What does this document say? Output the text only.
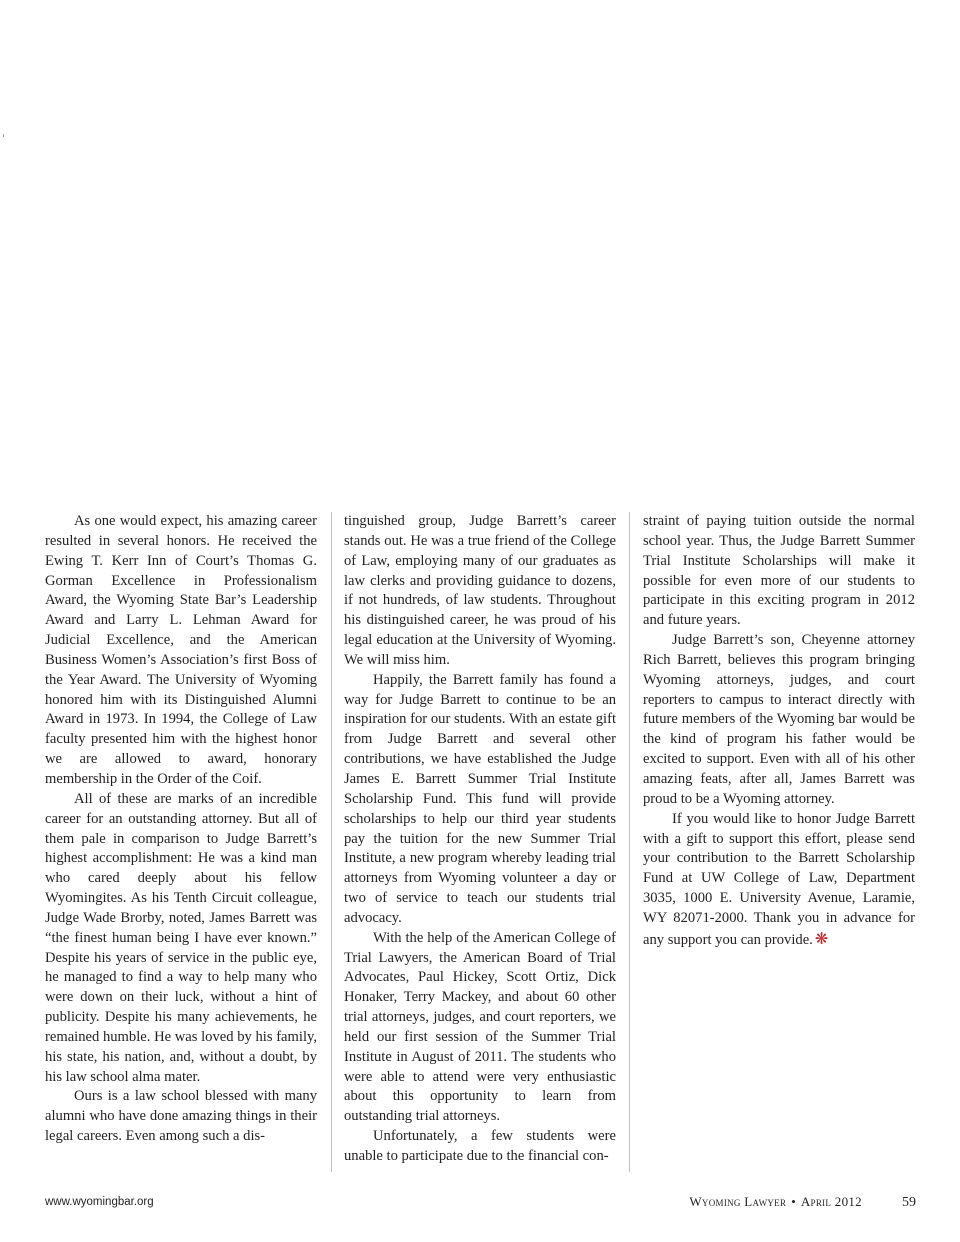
As one would expect, his amazing career resulted in several honors. He received the Ewing T. Kerr Inn of Court’s Thomas G. Gorman Excellence in Professionalism Award, the Wyoming State Bar’s Leadership Award and Larry L. Lehman Award for Judicial Excellence, and the American Business Women’s Association’s first Boss of the Year Award. The University of Wyoming honored him with its Distinguished Alumni Award in 1973. In 1994, the College of Law faculty presented him with the highest honor we are allowed to award, honorary membership in the Order of the Coif.

All of these are marks of an incredible career for an outstanding attorney. But all of them pale in comparison to Judge Barrett’s highest accomplishment: He was a kind man who cared deeply about his fellow Wyomingites. As his Tenth Circuit colleague, Judge Wade Brorby, noted, James Barrett was “the finest human being I have ever known.” Despite his years of service in the public eye, he managed to find a way to help many who were down on their luck, without a hint of publicity. Despite his many achievements, he remained humble. He was loved by his family, his state, his nation, and, without a doubt, by his law school alma mater.

Ours is a law school blessed with many alumni who have done amazing things in their legal careers. Even among such a dis-

tinguished group, Judge Barrett’s career stands out. He was a true friend of the College of Law, employing many of our graduates as law clerks and providing guidance to dozens, if not hundreds, of law students. Throughout his distinguished career, he was proud of his legal education at the University of Wyoming. We will miss him.

Happily, the Barrett family has found a way for Judge Barrett to continue to be an inspiration for our students. With an estate gift from Judge Barrett and several other contributions, we have established the Judge James E. Barrett Summer Trial Institute Scholarship Fund. This fund will provide scholarships to help our third year students pay the tuition for the new Summer Trial Institute, a new program whereby leading trial attorneys from Wyoming volunteer a day or two of service to teach our students trial advocacy.

With the help of the American College of Trial Lawyers, the American Board of Trial Advocates, Paul Hickey, Scott Ortiz, Dick Honaker, Terry Mackey, and about 60 other trial attorneys, judges, and court reporters, we held our first session of the Summer Trial Institute in August of 2011. The students who were able to attend were very enthusiastic about this opportunity to learn from outstanding trial attorneys.

Unfortunately, a few students were unable to participate due to the financial con-

straint of paying tuition outside the normal school year. Thus, the Judge Barrett Summer Trial Institute Scholarships will make it possible for even more of our students to participate in this exciting program in 2012 and future years.

Judge Barrett’s son, Cheyenne attorney Rich Barrett, believes this program bringing Wyoming attorneys, judges, and court reporters to campus to interact directly with future members of the Wyoming bar would be the kind of program his father would be excited to support. Even with all of his other amazing feats, after all, James Barrett was proud to be a Wyoming attorney.

If you would like to honor Judge Barrett with a gift to support this effort, please send your contribution to the Barrett Scholarship Fund at UW College of Law, Department 3035, 1000 E. University Avenue, Laramie, WY 82071-2000. Thank you in advance for any support you can provide. ❋

www.wyomingbar.org	Wyoming Lawyer • April 2012	59
